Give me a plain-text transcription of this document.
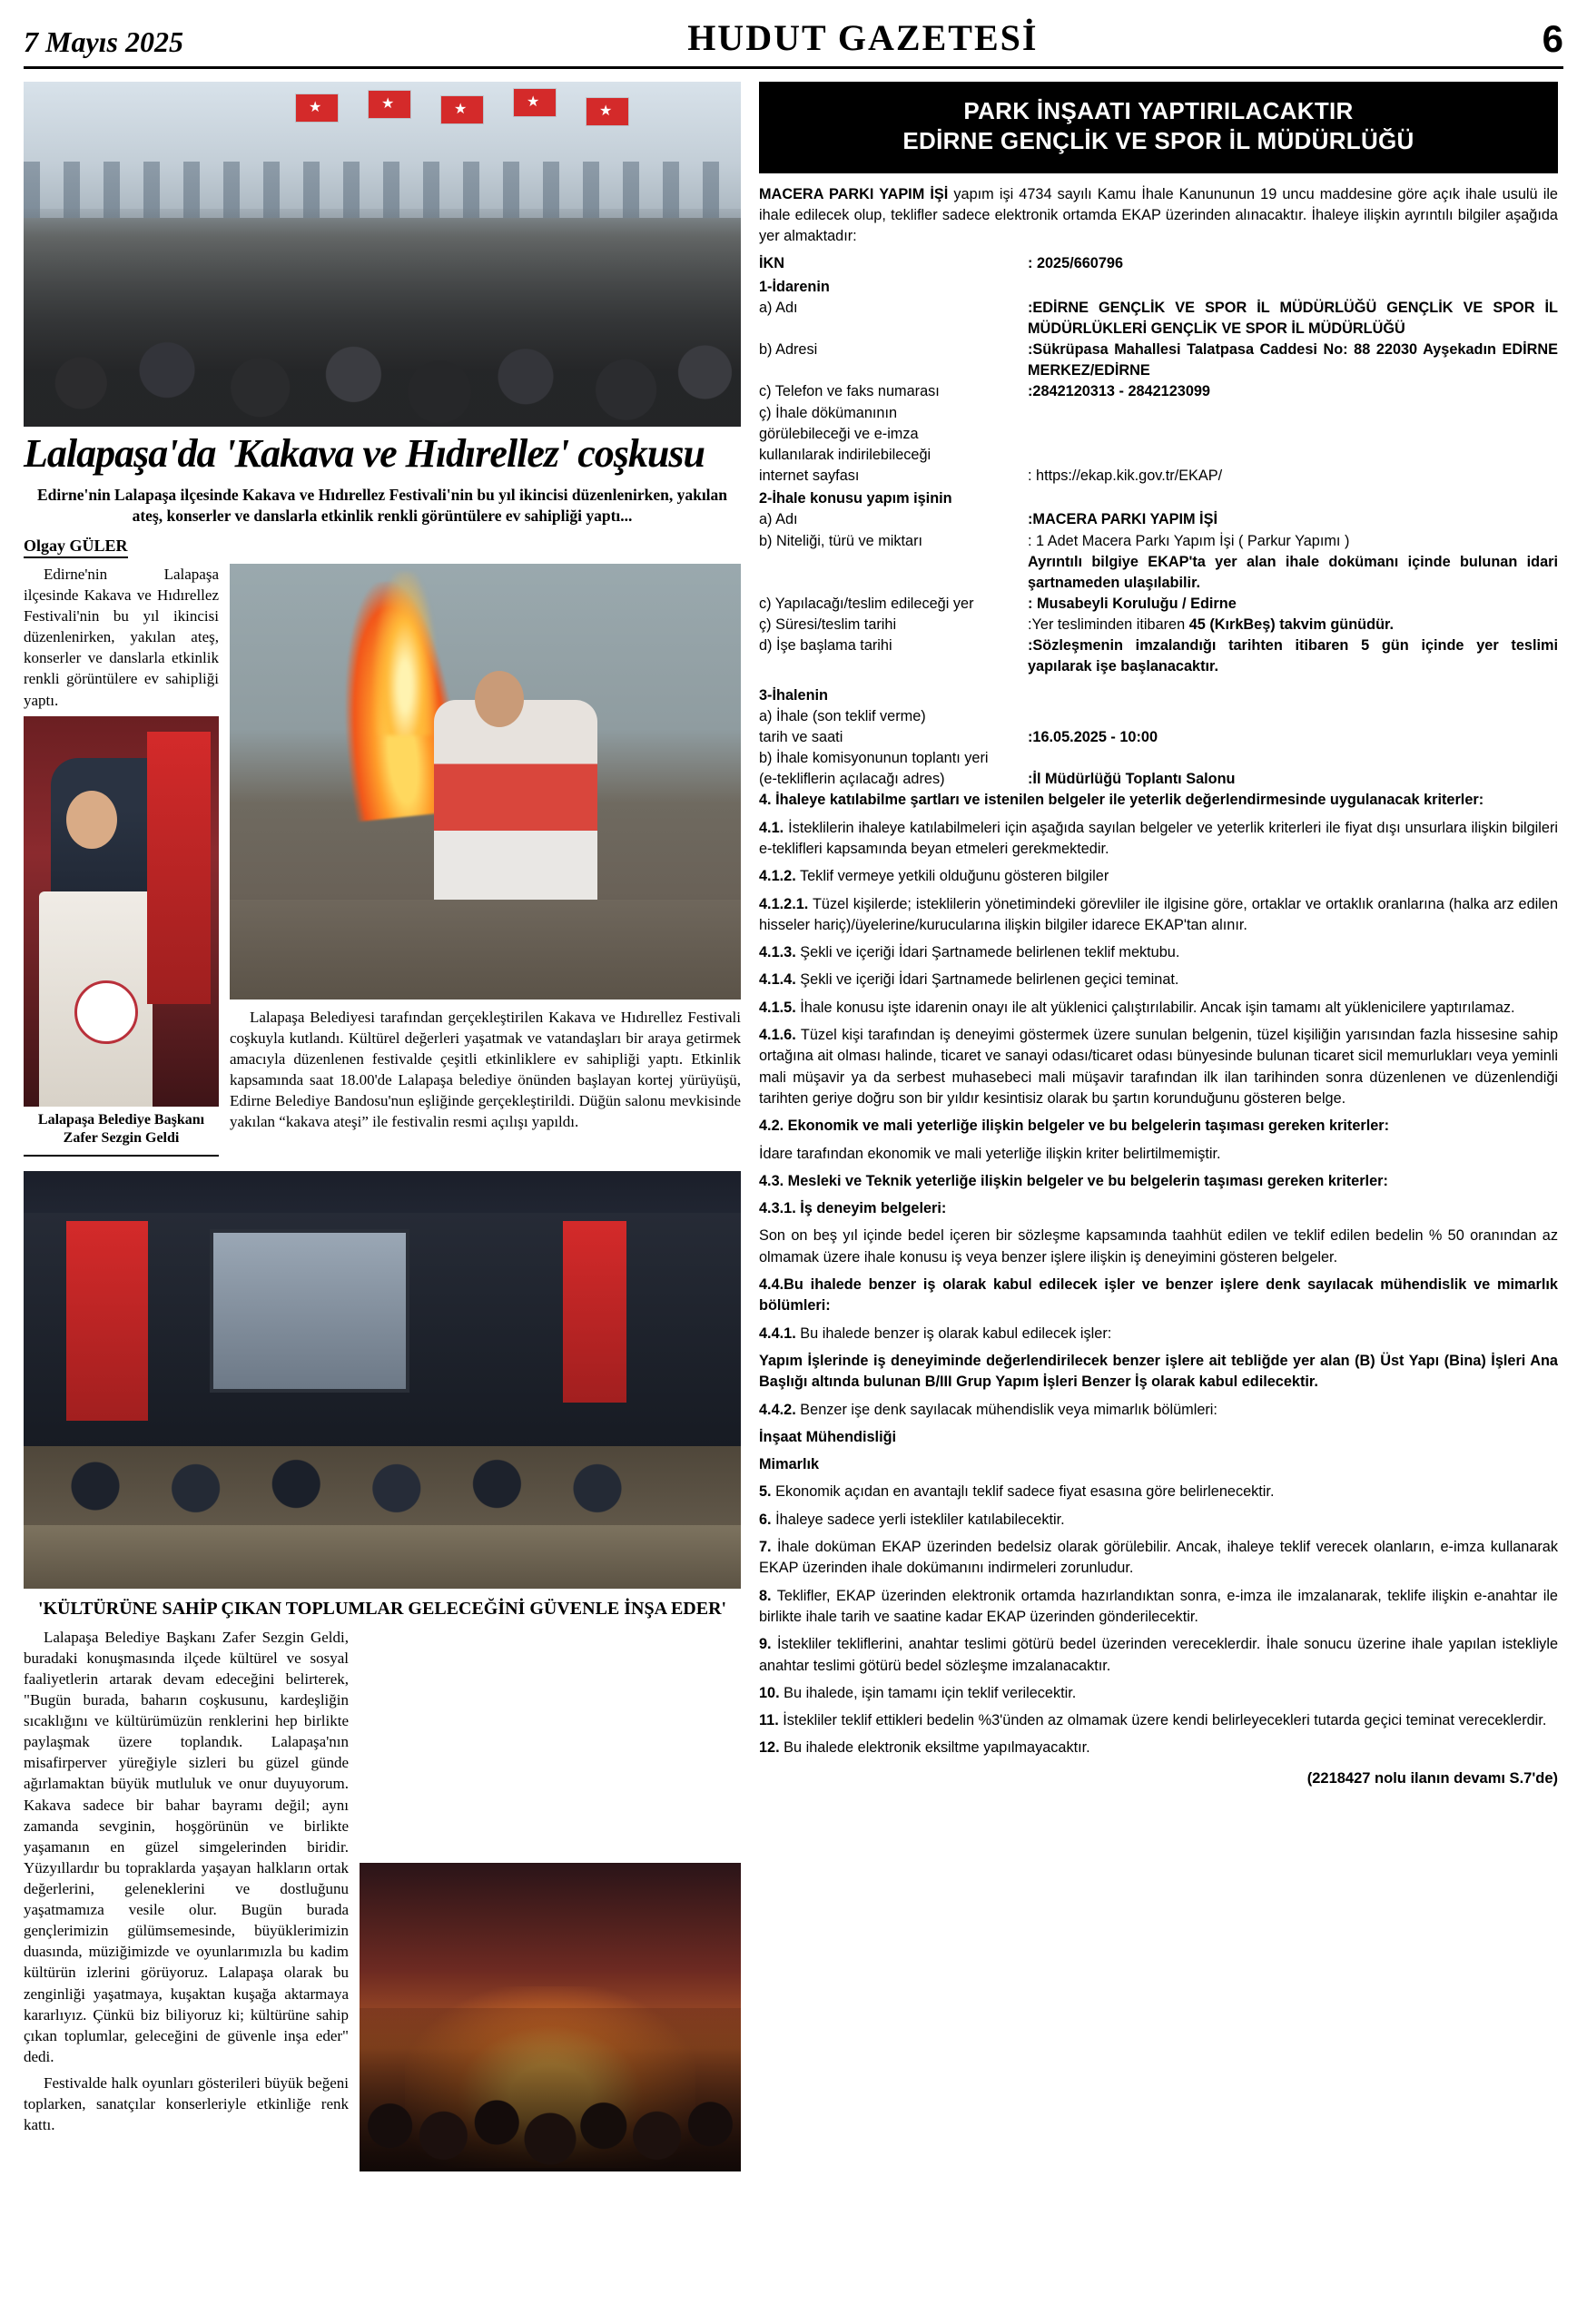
7 Mayıs 2025	HUDUT GAZETESİ	6
★
★
★
★
★
Lalapaşa'da 'Kakava ve Hıdırellez' coşkusu
Edirne'nin Lalapaşa ilçesinde Kakava ve Hıdırellez Festivali'nin bu yıl ikincisi düzenlenirken, yakılan ateş, konserler ve danslarla etkinlik renkli görüntülere ev sahipliği yaptı...
Olgay GÜLER

Edirne'nin Lalapaşa ilçesinde Kakava ve Hıdırellez Festivali'nin bu yıl ikincisi düzenlenirken, yakılan ateş, konserler ve danslarla etkinlik renkli görüntülere ev sahipliği yaptı.

Lalapaşa Belediye Başkanı Zafer Sezgin Geldi

Lalapaşa Belediyesi tarafından gerçekleştirilen Kakava ve Hıdırellez Festivali coşkuyla kutlandı. Kültürel değerleri yaşatmak ve vatandaşları bir araya getirmek amacıyla düzenlenen festivalde çeşitli etkinliklere ev sahipliği yaptı. Etkinlik kapsamında saat 18.00'de Lalapaşa belediye önünden başlayan kortej yürüyüşü, Edirne Belediye Bandosu'nun eşliğinde gerçekleştirildi. Düğün salonu mevkisinde yakılan “kakava ateşi” ile festivalin resmi açılışı yapıldı.

'KÜLTÜRÜNE SAHİP ÇIKAN TOPLUMLAR GELECEĞİNİ GÜVENLE İNŞA EDER'

Lalapaşa Belediye Başkanı Zafer Sezgin Geldi, buradaki konuşmasında ilçede kültürel ve sosyal faaliyetlerin artarak devam edeceğini belirterek, "Bugün burada, baharın coşkusunu, kardeşliğin sıcaklığını ve kültürümüzün renklerini hep birlikte paylaşmak üzere toplandık. Lalapaşa'nın misafirperver yüreğiyle sizleri bu güzel günde ağırlamaktan büyük mutluluk ve onur duyuyorum. Kakava sadece bir bahar bayramı değil; aynı zamanda sevginin, hoşgörünün ve birlikte yaşamanın en güzel simgelerinden biridir. Yüzyıllardır bu topraklarda yaşayan halkların ortak değerlerini, geleneklerini ve dostluğunu yaşatmamıza vesile olur. Bugün burada gençlerimizin gülümsemesinde, büyüklerimizin duasında, müziğimizde ve oyunlarımızla bu kadim kültürün izlerini görüyoruz. Lalapaşa olarak bu zenginliği yaşatmaya, kuşaktan kuşağa aktarmaya kararlıyız. Çünkü biz biliyoruz ki; kültürüne sahip çıkan toplumlar, geleceğini de güvenle inşa eder" dedi.

Festivalde halk oyunları gösterileri büyük beğeni toplarken, sanatçılar konserleriyle etkinliğe renk kattı.

PARK İNŞAATI YAPTIRILACAKTIR
EDİRNE GENÇLİK VE SPOR İL MÜDÜRLÜĞÜ

MACERA PARKI YAPIM İŞİ yapım işi 4734 sayılı Kamu İhale Kanununun 19 uncu maddesine göre açık ihale usulü ile ihale edilecek olup, teklifler sadece elektronik ortamda EKAP üzerinden alınacaktır. İhaleye ilişkin ayrıntılı bilgiler aşağıda yer almaktadır:

İKN	: 2025/660796
1-İdarenin
a) Adı	:EDİRNE GENÇLİK VE SPOR İL MÜDÜRLÜĞÜ GENÇLİK VE SPOR İL MÜDÜRLÜKLERİ GENÇLİK VE SPOR İL MÜDÜRLÜĞÜ
b) Adresi	:Sükrüpasa Mahallesi Talatpasa Caddesi No: 88 22030 Ayşekadın EDİRNE MERKEZ/EDİRNE
c) Telefon ve faks numarası	:2842120313 - 2842123099
ç) İhale dökümanının
görülebileceği ve e-imza
kullanılarak indirilebileceği
internet sayfası	: https://ekap.kik.gov.tr/EKAP/
2-İhale konusu yapım işinin
a) Adı	:MACERA PARKI YAPIM İŞİ
b) Niteliği, türü ve miktarı	: 1 Adet Macera Parkı Yapım İşi ( Parkur Yapımı )
Ayrıntılı bilgiye EKAP'ta yer alan ihale dokümanı içinde bulunan idari şartnameden ulaşılabilir.
c) Yapılacağı/teslim edileceği yer	: Musabeyli Koruluğu / Edirne
ç) Süresi/teslim tarihi	:Yer tesliminden itibaren 45 (KırkBeş) takvim günüdür.
d) İşe başlama tarihi	:Sözleşmenin imzalandığı tarihten itibaren 5 gün içinde yer teslimi yapılarak işe başlanacaktır.
3-İhalenin
a) İhale (son teklif verme)
tarih ve saati	:16.05.2025 - 10:00
b) İhale komisyonunun toplantı yeri
(e-tekliflerin açılacağı adres)	:İl Müdürlüğü Toplantı Salonu

4. İhaleye katılabilme şartları ve istenilen belgeler ile yeterlik değerlendirmesinde uygulanacak kriterler:

4.1. İsteklilerin ihaleye katılabilmeleri için aşağıda sayılan belgeler ve yeterlik kriterleri ile fiyat dışı unsurlara ilişkin bilgileri e-teklifleri kapsamında beyan etmeleri gerekmektedir.

4.1.2. Teklif vermeye yetkili olduğunu gösteren bilgiler

4.1.2.1. Tüzel kişilerde; isteklilerin yönetimindeki görevliler ile ilgisine göre, ortaklar ve ortaklık oranlarına (halka arz edilen hisseler hariç)/üyelerine/kurucularına ilişkin bilgiler idarece EKAP'tan alınır.

4.1.3. Şekli ve içeriği İdari Şartnamede belirlenen teklif mektubu.

4.1.4. Şekli ve içeriği İdari Şartnamede belirlenen geçici teminat.

4.1.5. İhale konusu işte idarenin onayı ile alt yüklenici çalıştırılabilir. Ancak işin tamamı alt yüklenicilere yaptırılamaz.

4.1.6. Tüzel kişi tarafından iş deneyimi göstermek üzere sunulan belgenin, tüzel kişiliğin yarısından fazla hissesine sahip ortağına ait olması halinde, ticaret ve sanayi odası/ticaret odası bünyesinde bulunan ticaret sicil memurlukları veya yeminli mali müşavir ya da serbest muhasebeci mali müşavir tarafından ilk ilan tarihinden sonra düzenlenen ve düzenlendiği tarihten geriye doğru son bir yıldır kesintisiz olarak bu şartın korunduğunu gösteren belge.

4.2. Ekonomik ve mali yeterliğe ilişkin belgeler ve bu belgelerin taşıması gereken kriterler:

İdare tarafından ekonomik ve mali yeterliğe ilişkin kriter belirtilmemiştir.

4.3. Mesleki ve Teknik yeterliğe ilişkin belgeler ve bu belgelerin taşıması gereken kriterler:

4.3.1. İş deneyim belgeleri:

Son on beş yıl içinde bedel içeren bir sözleşme kapsamında taahhüt edilen ve teklif edilen bedelin % 50 oranından az olmamak üzere ihale konusu iş veya benzer işlere ilişkin iş deneyimini gösteren belgeler.

4.4.Bu ihalede benzer iş olarak kabul edilecek işler ve benzer işlere denk sayılacak mühendislik ve mimarlık bölümleri:

4.4.1. Bu ihalede benzer iş olarak kabul edilecek işler:

Yapım İşlerinde iş deneyiminde değerlendirilecek benzer işlere ait tebliğde yer alan (B) Üst Yapı (Bina) İşleri Ana Başlığı altında bulunan B/III Grup Yapım İşleri Benzer İş olarak kabul edilecektir.

4.4.2. Benzer işe denk sayılacak mühendislik veya mimarlık bölümleri:

İnşaat Mühendisliği

Mimarlık

5. Ekonomik açıdan en avantajlı teklif sadece fiyat esasına göre belirlenecektir.

6. İhaleye sadece yerli istekliler katılabilecektir.

7. İhale doküman EKAP üzerinden bedelsiz olarak görülebilir. Ancak, ihaleye teklif verecek olanların, e-imza kullanarak EKAP üzerinden ihale dokümanını indirmeleri zorunludur.

8. Teklifler, EKAP üzerinden elektronik ortamda hazırlandıktan sonra, e-imza ile imzalanarak, teklife ilişkin e-anahtar ile birlikte ihale tarih ve saatine kadar EKAP üzerinden gönderilecektir.

9. İstekliler tekliflerini, anahtar teslimi götürü bedel üzerinden vereceklerdir. İhale sonucu üzerine ihale yapılan istekliyle anahtar teslimi götürü bedel sözleşme imzalanacaktır.

10. Bu ihalede, işin tamamı için teklif verilecektir.

11. İstekliler teklif ettikleri bedelin %3'ünden az olmamak üzere kendi belirleyecekleri tutarda geçici teminat vereceklerdir.

12. Bu ihalede elektronik eksiltme yapılmayacaktır.

(2218427 nolu ilanın devamı S.7'de)
